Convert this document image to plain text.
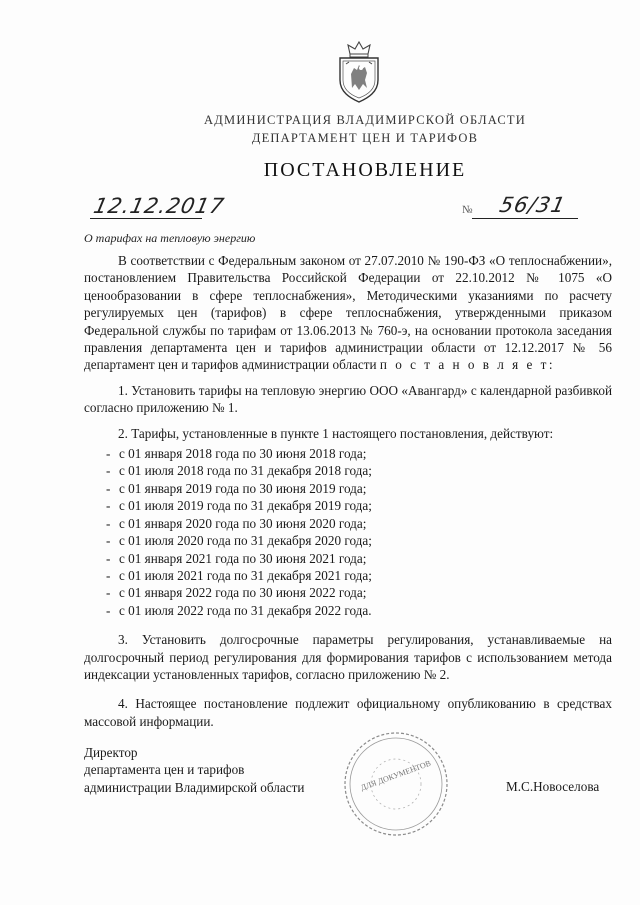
АДМИНИСТРАЦИЯ ВЛАДИМИРСКОЙ ОБЛАСТИ
ДЕПАРТАМЕНТ ЦЕН И ТАРИФОВ
ПОСТАНОВЛЕНИЕ
12.12.2017	№ 56/31
О тарифах на тепловую энергию

В соответствии с Федеральным законом от 27.07.2010 № 190-ФЗ «О теплоснабжении», постановлением Правительства Российской Федерации от 22.10.2012 № 1075 «О ценообразовании в сфере теплоснабжения», Методическими указаниями по расчету регулируемых цен (тарифов) в сфере теплоснабжения, утвержденными приказом Федеральной службы по тарифам от 13.06.2013 № 760-э, на основании протокола заседания правления департамента цен и тарифов администрации области от 12.12.2017 № 56 департамент цен и тарифов администрации области п о с т а н о в л я е т:

1. Установить тарифы на тепловую энергию ООО «Авангард» с календарной разбивкой согласно приложению № 1.

2. Тарифы, установленные в пункте 1 настоящего постановления, действуют:

- с 01 января 2018 года по 30 июня 2018 года;
- с 01 июля 2018 года по 31 декабря 2018 года;
- с 01 января 2019 года по 30 июня 2019 года;
- с 01 июля 2019 года по 31 декабря 2019 года;
- с 01 января 2020 года по 30 июня 2020 года;
- с 01 июля 2020 года по 31 декабря 2020 года;
- с 01 января 2021 года по 30 июня 2021 года;
- с 01 июля 2021 года по 31 декабря 2021 года;
- с 01 января 2022 года по 30 июня 2022 года;
- с 01 июля 2022 года по 31 декабря 2022 года.

3. Установить долгосрочные параметры регулирования, устанавливаемые на долгосрочный период регулирования для формирования тарифов с использованием метода индексации установленных тарифов, согласно приложению № 2.

4. Настоящее постановление подлежит официальному опубликованию в средствах массовой информации.

Директор
департамента цен и тарифов
администрации Владимирской области	ДЛЯ ДОКУМЕНТОВ	М.С.Новоселова
